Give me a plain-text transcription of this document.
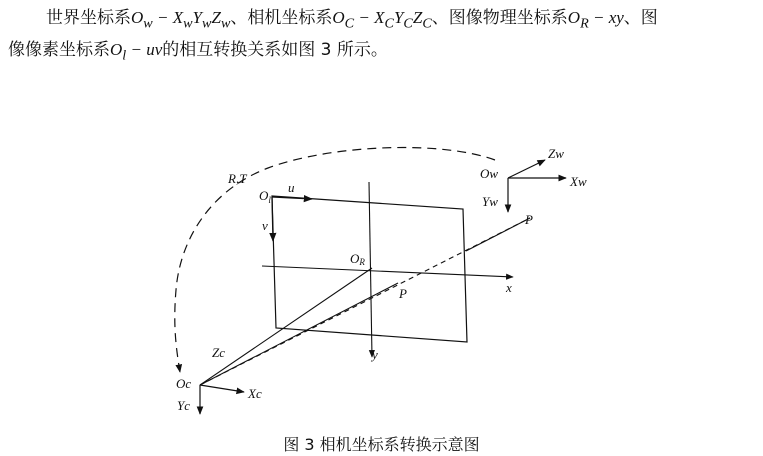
世界坐标系$O_w - X_wY_wZ_w$、相机坐标系$O_C - X_CY_CZ_C$、图像物理坐标系$O_R$ − xy、图
像像素坐标系$O_l$ − uv的相互转换关系如图 3 所示。
R,T	Ow
Zw
Xw
Yw
$O_l$
u
v
OR
P
P
x
y
Oc
Zc
Xc
Yc
图 3 相机坐标系转换示意图
